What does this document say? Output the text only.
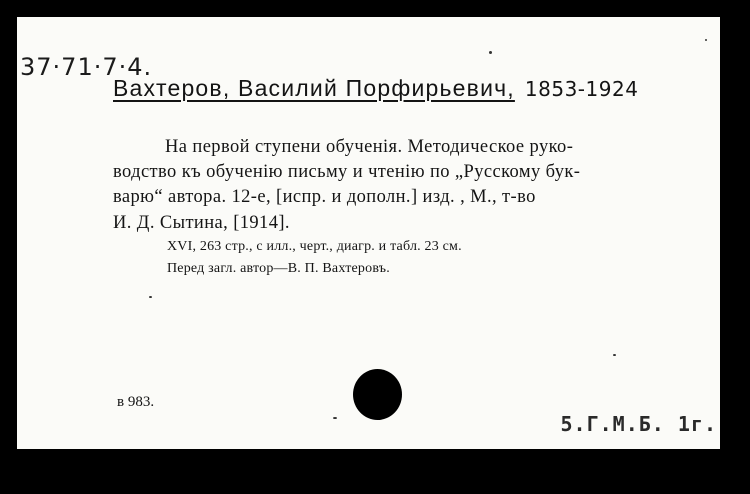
37·71·7·4.
Вахтеров, Василий Порфирьевич, 1853-1924
На первой ступени обученія. Методическое руко-
водство къ обученію письму и чтенію по „Русскому бук-
варю“ автора. 12-е, [испр. и дополн.] изд. , М., т-во
И. Д. Сытина, [1914].
XVI, 263 стр., с илл., черт., диагр. и табл. 23 см.
Перед загл. автор—В. П. Вахтеровъ.
в 983.
5.Г.М.Б. 1г.
